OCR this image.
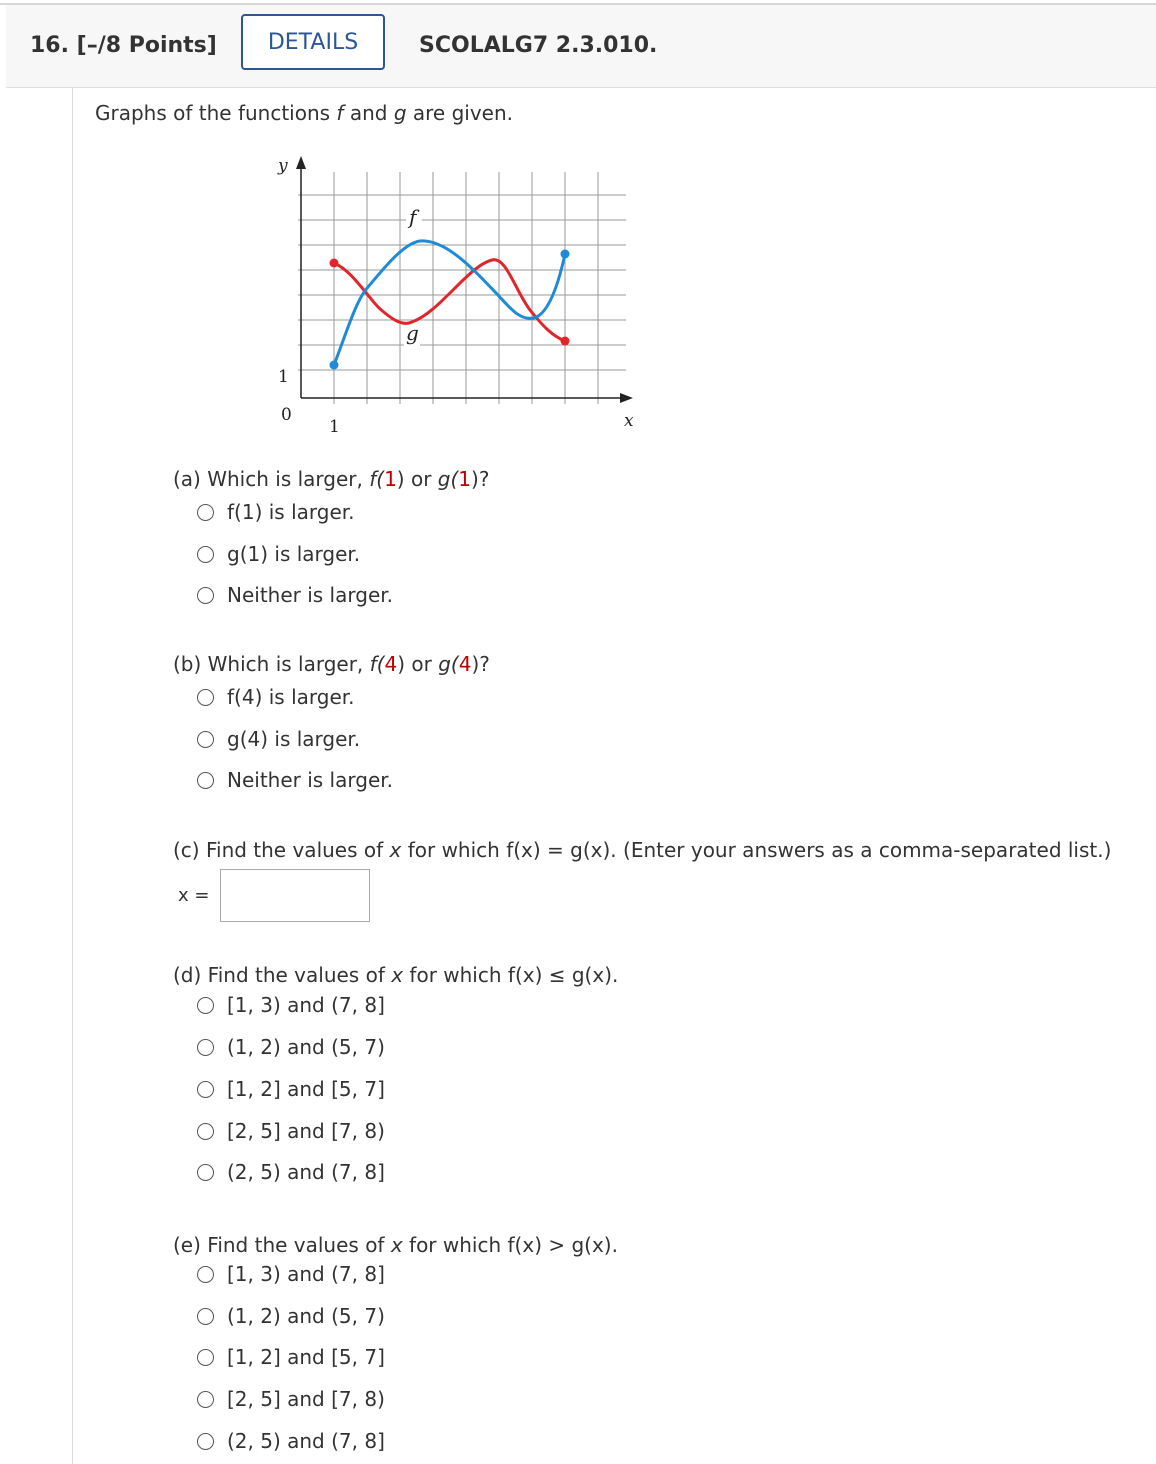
16. [–/8 Points]	DETAILS	SCOLALG7 2.3.010.
Graphs of the functions f and g are given.
y
x
0
1
1
f
g
(a) Which is larger, f(1) or g(1)?
f(1) is larger.
g(1) is larger.
Neither is larger.
(b) Which is larger, f(4) or g(4)?
f(4) is larger.
g(4) is larger.
Neither is larger.
(c) Find the values of x for which f(x) = g(x). (Enter your answers as a comma-separated list.)
x =
(d) Find the values of x for which f(x) ≤ g(x).
[1, 3) and (7, 8]
(1, 2) and (5, 7)
[1, 2] and [5, 7]
[2, 5] and [7, 8)
(2, 5) and (7, 8]
(e) Find the values of x for which f(x) > g(x).
[1, 3) and (7, 8]
(1, 2) and (5, 7)
[1, 2] and [5, 7]
[2, 5] and [7, 8)
(2, 5) and (7, 8]
